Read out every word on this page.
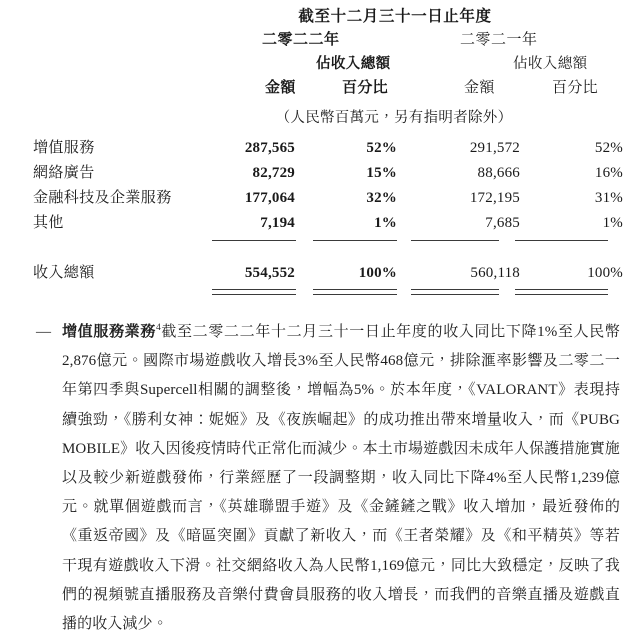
截至十二月三十一日止年度
二零二二年	二零二一年
佔收入總額	佔收入總額
金額	百分比	金額	百分比
（人民幣百萬元，另有指明者除外）
增值服務	287,565	52%	291,572	52%
網絡廣告	82,729	15%	88,666	16%
金融科技及企業服務	177,064	32%	172,195	31%
其他	7,194	1%	7,685	1%
收入總額	554,552	100%	560,118	100%
— 增值服務業務$^4$截至二零二二年十二月三十一日止年度的收入同比下降1%至人民幣2,876億元。國際市場遊戲收入增長3%至人民幣468億元，排除滙率影響及二零二一年第四季與Supercell相關的調整後，增幅為5%。於本年度，《VALORANT》表現持續強勁，《勝利女神：妮姬》及《夜族崛起》的成功推出帶來增量收入，而《PUBG MOBILE》收入因後疫情時代正常化而減少。本土市場遊戲因未成年人保護措施實施以及較少新遊戲發佈，行業經歷了一段調整期，收入同比下降4%至人民幣1,239億元。就單個遊戲而言，《英雄聯盟手遊》及《金鏟鏟之戰》收入增加，最近發佈的《重返帝國》及《暗區突圍》貢獻了新收入，而《王者榮耀》及《和平精英》等若干現有遊戲收入下滑。社交網絡收入為人民幣1,169億元，同比大致穩定，反映了我們的視頻號直播服務及音樂付費會員服務的收入增長，而我們的音樂直播及遊戲直播的收入減少。
